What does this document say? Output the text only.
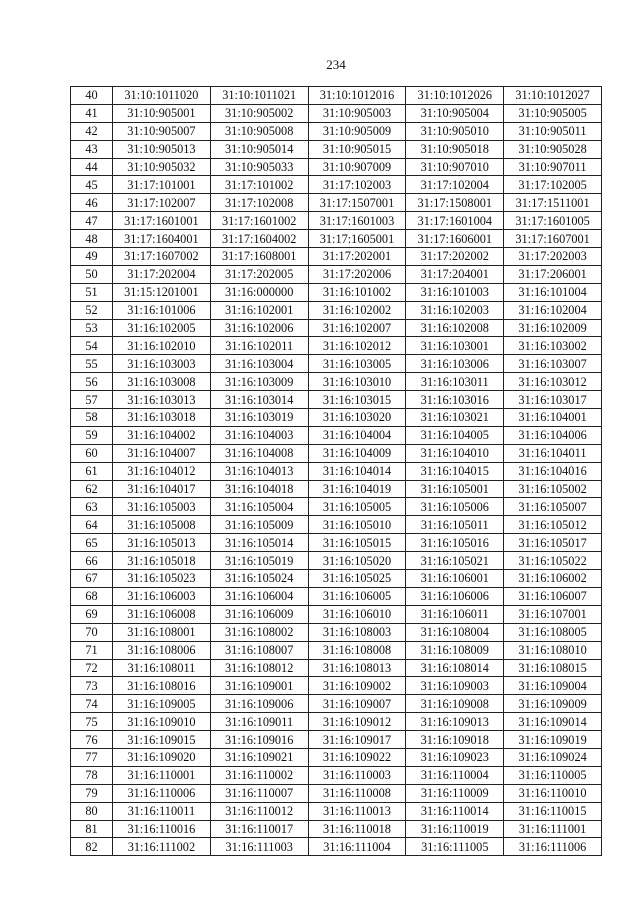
234
40	31:10:1011020	31:10:1011021	31:10:1012016	31:10:1012026	31:10:1012027
41	31:10:905001	31:10:905002	31:10:905003	31:10:905004	31:10:905005
42	31:10:905007	31:10:905008	31:10:905009	31:10:905010	31:10:905011
43	31:10:905013	31:10:905014	31:10:905015	31:10:905018	31:10:905028
44	31:10:905032	31:10:905033	31:10:907009	31:10:907010	31:10:907011
45	31:17:101001	31:17:101002	31:17:102003	31:17:102004	31:17:102005
46	31:17:102007	31:17:102008	31:17:1507001	31:17:1508001	31:17:1511001
47	31:17:1601001	31:17:1601002	31:17:1601003	31:17:1601004	31:17:1601005
48	31:17:1604001	31:17:1604002	31:17:1605001	31:17:1606001	31:17:1607001
49	31:17:1607002	31:17:1608001	31:17:202001	31:17:202002	31:17:202003
50	31:17:202004	31:17:202005	31:17:202006	31:17:204001	31:17:206001
51	31:15:1201001	31:16:000000	31:16:101002	31:16:101003	31:16:101004
52	31:16:101006	31:16:102001	31:16:102002	31:16:102003	31:16:102004
53	31:16:102005	31:16:102006	31:16:102007	31:16:102008	31:16:102009
54	31:16:102010	31:16:102011	31:16:102012	31:16:103001	31:16:103002
55	31:16:103003	31:16:103004	31:16:103005	31:16:103006	31:16:103007
56	31:16:103008	31:16:103009	31:16:103010	31:16:103011	31:16:103012
57	31:16:103013	31:16:103014	31:16:103015	31:16:103016	31:16:103017
58	31:16:103018	31:16:103019	31:16:103020	31:16:103021	31:16:104001
59	31:16:104002	31:16:104003	31:16:104004	31:16:104005	31:16:104006
60	31:16:104007	31:16:104008	31:16:104009	31:16:104010	31:16:104011
61	31:16:104012	31:16:104013	31:16:104014	31:16:104015	31:16:104016
62	31:16:104017	31:16:104018	31:16:104019	31:16:105001	31:16:105002
63	31:16:105003	31:16:105004	31:16:105005	31:16:105006	31:16:105007
64	31:16:105008	31:16:105009	31:16:105010	31:16:105011	31:16:105012
65	31:16:105013	31:16:105014	31:16:105015	31:16:105016	31:16:105017
66	31:16:105018	31:16:105019	31:16:105020	31:16:105021	31:16:105022
67	31:16:105023	31:16:105024	31:16:105025	31:16:106001	31:16:106002
68	31:16:106003	31:16:106004	31:16:106005	31:16:106006	31:16:106007
69	31:16:106008	31:16:106009	31:16:106010	31:16:106011	31:16:107001
70	31:16:108001	31:16:108002	31:16:108003	31:16:108004	31:16:108005
71	31:16:108006	31:16:108007	31:16:108008	31:16:108009	31:16:108010
72	31:16:108011	31:16:108012	31:16:108013	31:16:108014	31:16:108015
73	31:16:108016	31:16:109001	31:16:109002	31:16:109003	31:16:109004
74	31:16:109005	31:16:109006	31:16:109007	31:16:109008	31:16:109009
75	31:16:109010	31:16:109011	31:16:109012	31:16:109013	31:16:109014
76	31:16:109015	31:16:109016	31:16:109017	31:16:109018	31:16:109019
77	31:16:109020	31:16:109021	31:16:109022	31:16:109023	31:16:109024
78	31:16:110001	31:16:110002	31:16:110003	31:16:110004	31:16:110005
79	31:16:110006	31:16:110007	31:16:110008	31:16:110009	31:16:110010
80	31:16:110011	31:16:110012	31:16:110013	31:16:110014	31:16:110015
81	31:16:110016	31:16:110017	31:16:110018	31:16:110019	31:16:111001
82	31:16:111002	31:16:111003	31:16:111004	31:16:111005	31:16:111006
